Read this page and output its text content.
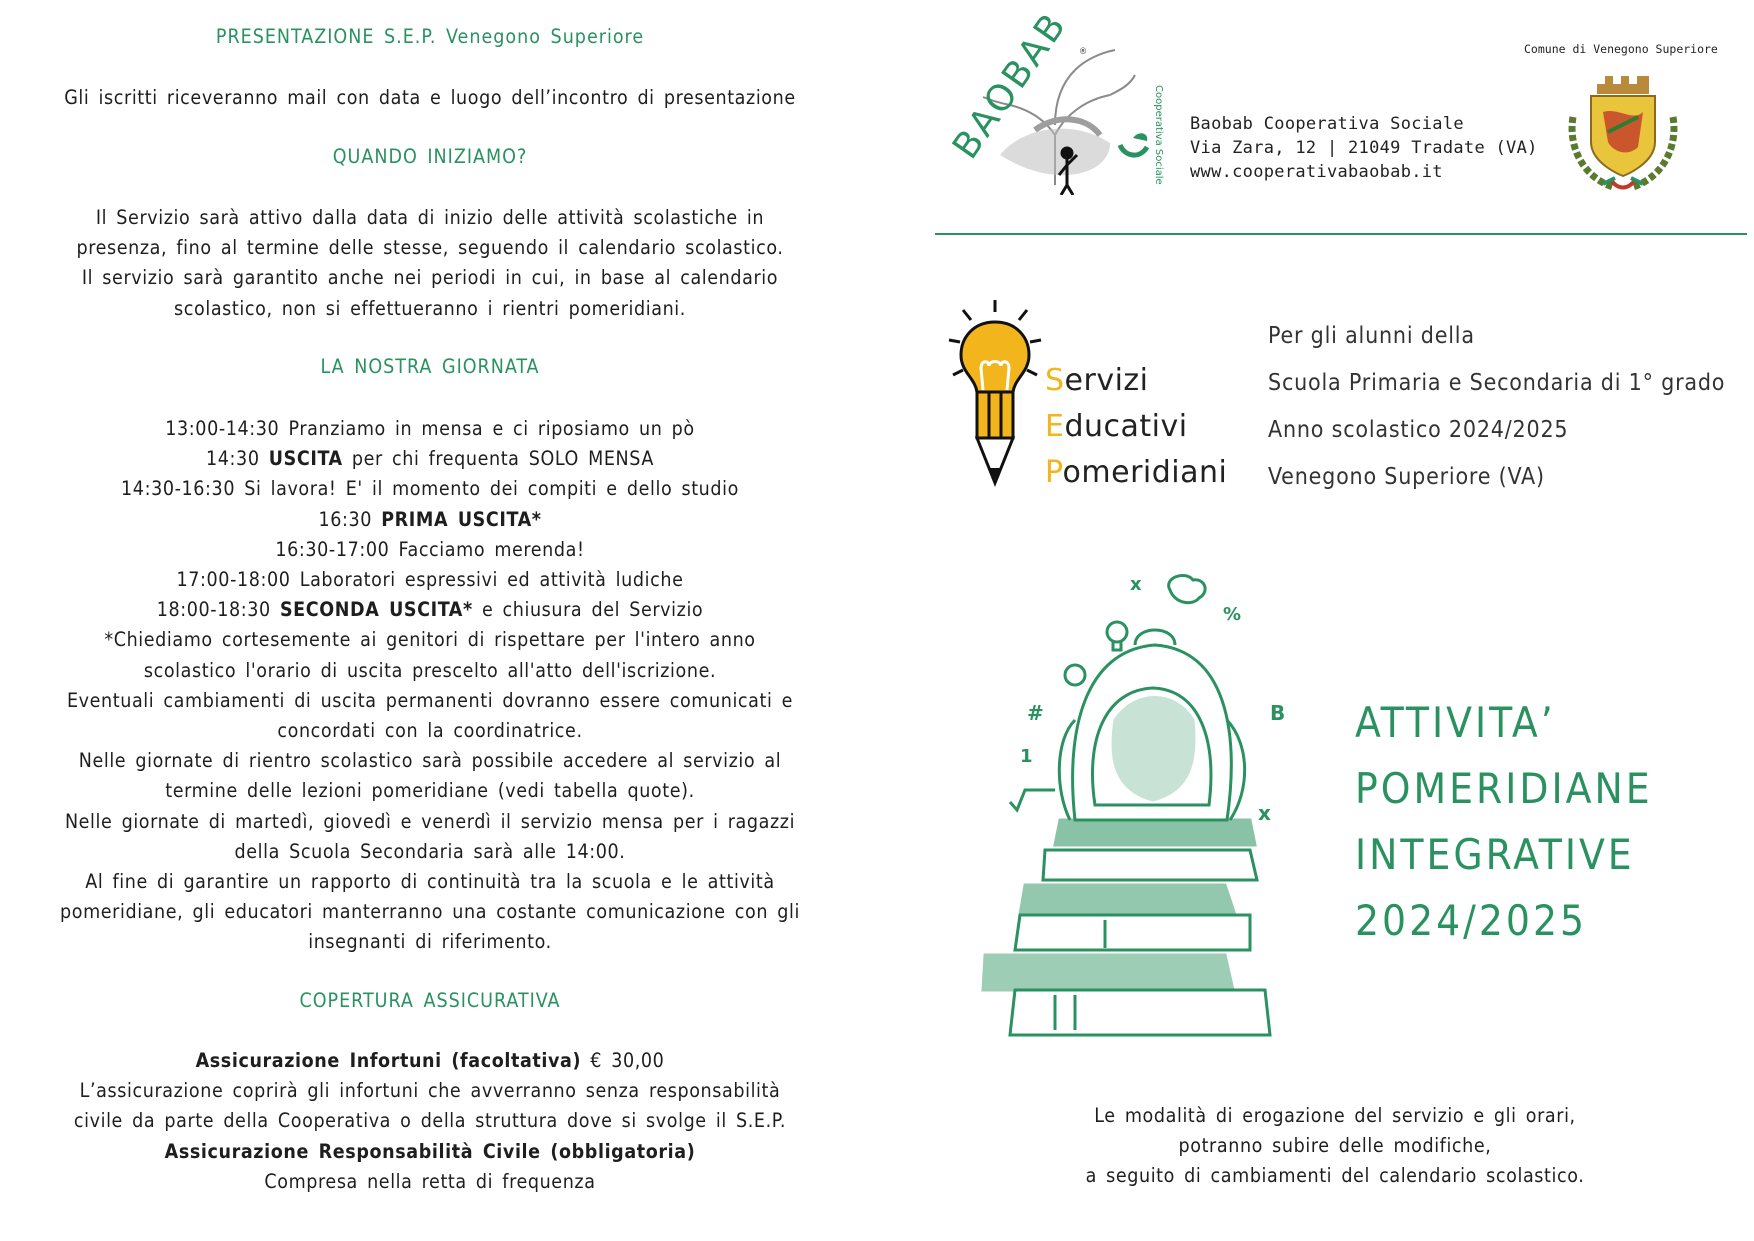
PRESENTAZIONE S.E.P. Venegono Superiore
Gli iscritti riceveranno mail con data e luogo dell’incontro di presentazione
QUANDO INIZIAMO?

Il Servizio sarà attivo dalla data di inizio delle attività scolastiche in

presenza, fino al termine delle stesse, seguendo il calendario scolastico.

Il servizio sarà garantito anche nei periodi in cui, in base al calendario

scolastico, non si effettueranno i rientri pomeridiani.

LA NOSTRA GIORNATA

13:00-14:30 Pranziamo in mensa e ci riposiamo un pò

14:30 USCITA per chi frequenta SOLO MENSA

14:30-16:30 Si lavora! E' il momento dei compiti e dello studio

16:30 PRIMA USCITA*

16:30-17:00 Facciamo merenda!

17:00-18:00 Laboratori espressivi ed attività ludiche

18:00-18:30 SECONDA USCITA* e chiusura del Servizio

*Chiediamo cortesemente ai genitori di rispettare per l'intero anno

scolastico l'orario di uscita prescelto all'atto dell'iscrizione.

Eventuali cambiamenti di uscita permanenti dovranno essere comunicati e

concordati con la coordinatrice.

Nelle giornate di rientro scolastico sarà possibile accedere al servizio al

termine delle lezioni pomeridiane (vedi tabella quote).

Nelle giornate di martedì, giovedì e venerdì il servizio mensa per i ragazzi

della Scuola Secondaria sarà alle 14:00.

Al fine di garantire un rapporto di continuità tra la scuola e le attività

pomeridiane, gli educatori manterranno una costante comunicazione con gli

insegnanti di riferimento.

COPERTURA ASSICURATIVA

Assicurazione Infortuni (facoltativa) € 30,00

L’assicurazione coprirà gli infortuni che avverranno senza responsabilità

civile da parte della Cooperativa o della struttura dove si svolge il S.E.P.

Assicurazione Responsabilità Civile (obbligatoria)

Compresa nella retta di frequenza

BAOBAB ®
Cooperativa Sociale Baobab Cooperativa Sociale
Via Zara, 12 | 21049 Tradate (VA)
www.cooperativabaobab.it
Comune di Venegono Superiore
Servizi
Educativi
Pomeridiani
Per gli alunni della
Scuola Primaria e Secondaria di 1° grado
Anno scolastico 2024/2025
Venegono Superiore (VA)
x
%
#	B
1
x
ATTIVITA’
POMERIDIANE
INTEGRATIVE
2024/2025
Le modalità di erogazione del servizio e gli orari,
potranno subire delle modifiche,
a seguito di cambiamenti del calendario scolastico.
